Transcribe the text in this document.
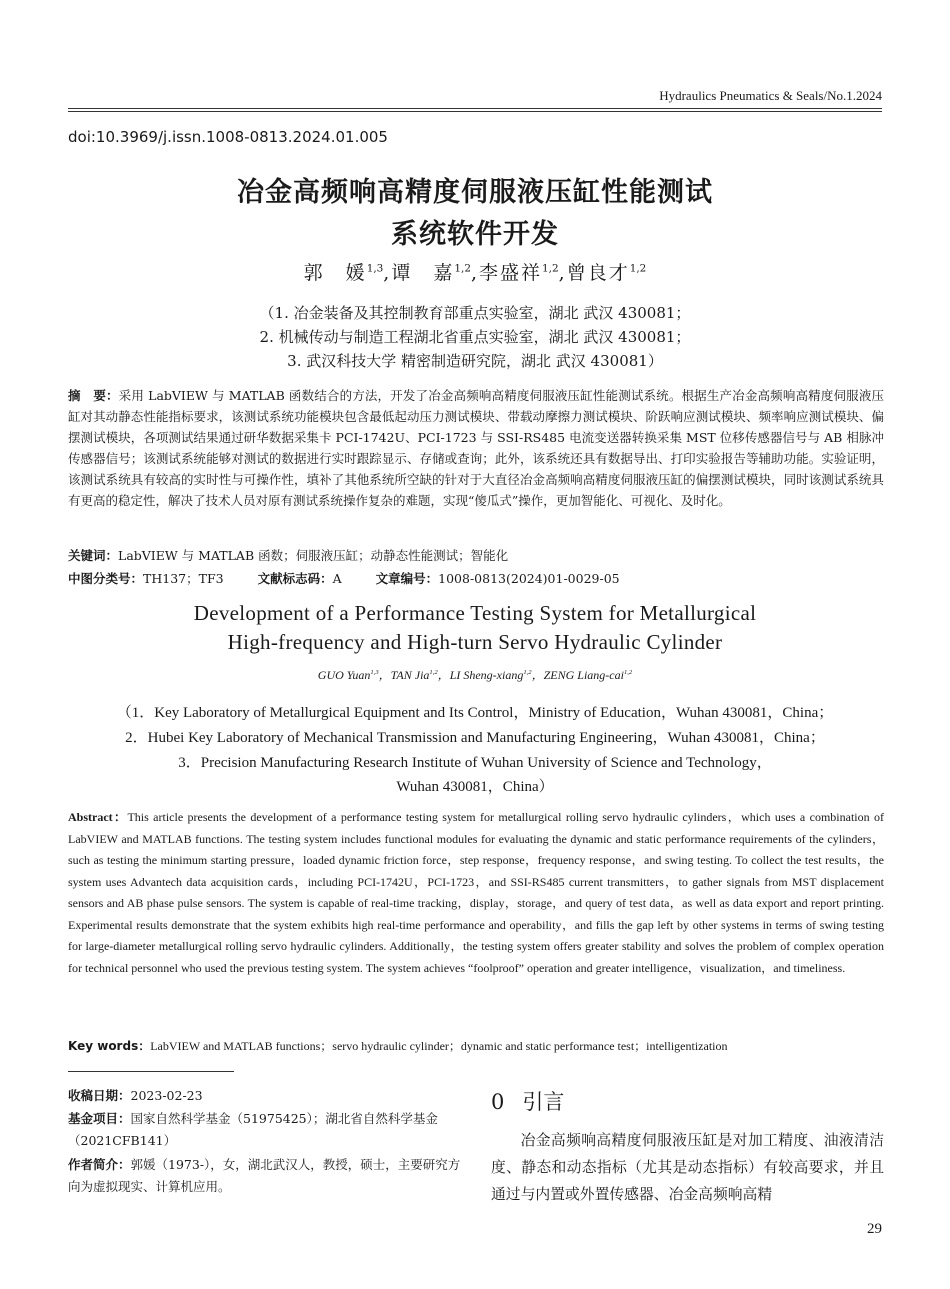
Hydraulics Pneumatics & Seals/No.1.2024
doi:10.3969/j.issn.1008-0813.2024.01.005
冶金高频响高精度伺服液压缸性能测试
系统软件开发
郭　媛$^{1,3}$,谭　嘉$^{1,2}$,李盛祥$^{1,2}$,曾良才$^{1,2}$
（1. 冶金装备及其控制教育部重点实验室，湖北 武汉 430081；
2. 机械传动与制造工程湖北省重点实验室，湖北 武汉 430081；
3. 武汉科技大学 精密制造研究院，湖北 武汉 430081）
摘　要：采用 LabVIEW 与 MATLAB 函数结合的方法，开发了冶金高频响高精度伺服液压缸性能测试系统。根据生产冶金高频响高精度伺服液压缸对其动静态性能指标要求，该测试系统功能模块包含最低起动压力测试模块、带载动摩擦力测试模块、阶跃响应测试模块、频率响应测试模块、偏摆测试模块，各项测试结果通过研华数据采集卡 PCI-1742U、PCI-1723 与 SSI-RS485 电流变送器转换采集 MST 位移传感器信号与 AB 相脉冲传感器信号；该测试系统能够对测试的数据进行实时跟踪显示、存储或查询；此外，该系统还具有数据导出、打印实验报告等辅助功能。实验证明，该测试系统具有较高的实时性与可操作性，填补了其他系统所空缺的针对于大直径冶金高频响高精度伺服液压缸的偏摆测试模块，同时该测试系统具有更高的稳定性，解决了技术人员对原有测试系统操作复杂的难题，实现“傻瓜式”操作，更加智能化、可视化、及时化。
关键词：LabVIEW 与 MATLAB 函数；伺服液压缸；动静态性能测试；智能化
中图分类号：TH137；TF3	文献标志码：A	文章编号：1008-0813(2024)01-0029-05
Development of a Performance Testing System for Metallurgical
High-frequency and High-turn Servo Hydraulic Cylinder
GUO Yuan$^{1,3}$，TAN Jia$^{1,2}$，LI Sheng-xiang$^{1,2}$，ZENG Liang-cai$^{1,2}$
（1．Key Laboratory of Metallurgical Equipment and Its Control，Ministry of Education，Wuhan 430081，China；
2．Hubei Key Laboratory of Mechanical Transmission and Manufacturing Engineering，Wuhan 430081，China；
3．Precision Manufacturing Research Institute of Wuhan University of Science and Technology，
Wuhan 430081，China）
Abstract：This article presents the development of a performance testing system for metallurgical rolling servo hydraulic cylinders，which uses a combination of LabVIEW and MATLAB functions. The testing system includes functional modules for evaluating the dynamic and static performance requirements of the cylinders，such as testing the minimum starting pressure，loaded dynamic friction force，step response，frequency response，and swing testing. To collect the test results，the system uses Advantech data acquisition cards，including PCI-1742U，PCI-1723，and SSI-RS485 current transmitters，to gather signals from MST displacement sensors and AB phase pulse sensors. The system is capable of real-time tracking，display，storage，and query of test data，as well as data export and report printing. Experimental results demonstrate that the system exhibits high real-time performance and operability，and fills the gap left by other systems in terms of swing testing for large-diameter metallurgical rolling servo hydraulic cylinders. Additionally，the testing system offers greater stability and solves the problem of complex operation for technical personnel who used the previous testing system. The system achieves “foolproof” operation and greater intelligence，visualization，and timeliness.
Key words：LabVIEW and MATLAB functions；servo hydraulic cylinder；dynamic and static performance test；intelligentization
收稿日期：2023-02-23
基金项目：国家自然科学基金（51975425）；湖北省自然科学基金（2021CFB141）
作者简介：郭媛（1973-），女，湖北武汉人，教授，硕士，主要研究方向为虚拟现实、计算机应用。
0 引言
冶金高频响高精度伺服液压缸是对加工精度、油液清洁度、静态和动态指标（尤其是动态指标）有较高要求，并且通过与内置或外置传感器、冶金高频响高精
29
